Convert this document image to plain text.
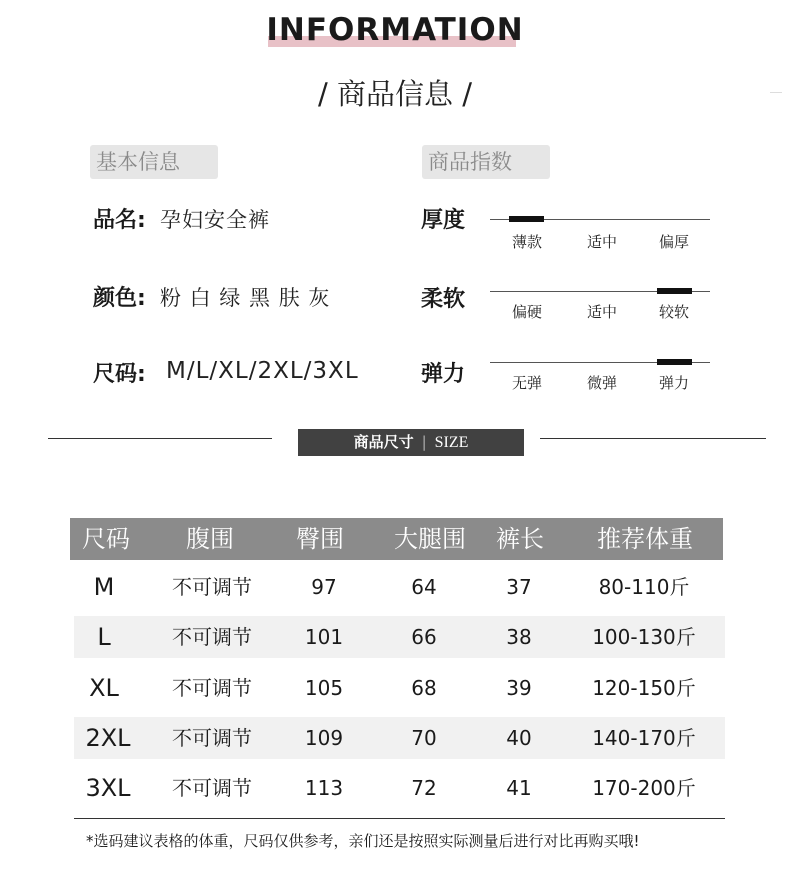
INFORMATION
/ 商品信息 /
基本信息
品名: 孕妇安全裤
颜色: 粉 白 绿 黑 肤 灰
尺码: M/L/XL/2XL/3XL
商品指数
厚度
薄款	适中	偏厚
柔软	偏硬	适中	较软
弹力	无弹	微弹	弹力
商品尺寸 | SIZE
尺码	腹围	臀围	大腿围	裤长	推荐体重
M	不可调节	97	64	37	80-110斤
L	不可调节	101	66	38	100-130斤
XL	不可调节	105	68	39	120-150斤
2XL	不可调节	109	70	40	140-170斤
3XL	不可调节	113	72	41	170-200斤
*选码建议表格的体重，尺码仅供参考，亲们还是按照实际测量后进行对比再购买哦!
